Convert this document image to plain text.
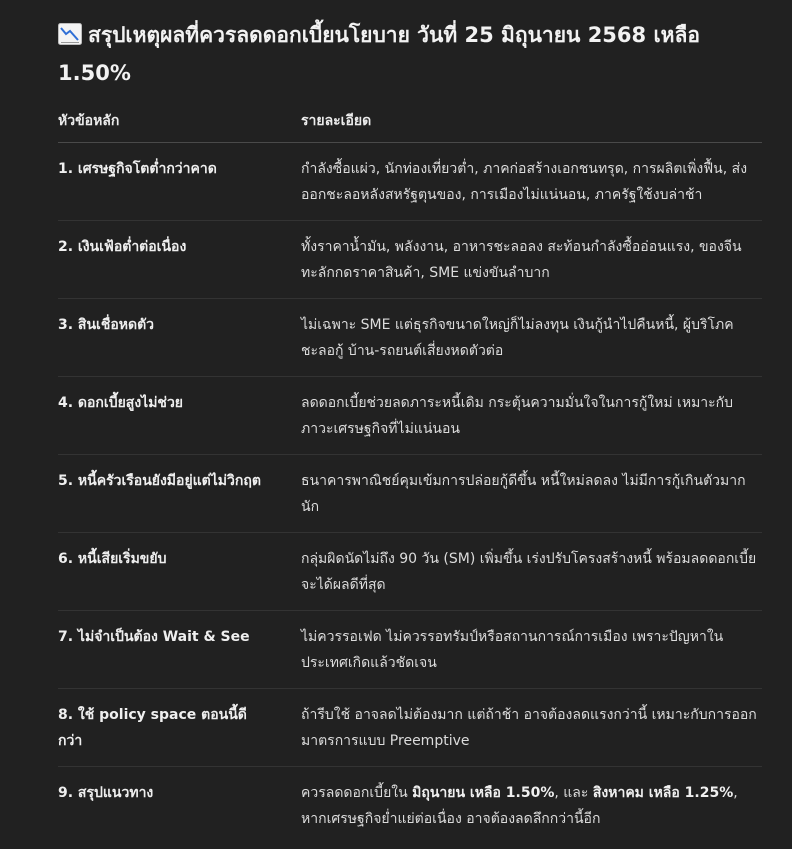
สรุปเหตุผลที่ควรลดดอกเบี้ยนโยบาย วันที่ 25 มิถุนายน 2568 เหลือ 1.50%
หัวข้อหลัก	รายละเอียด
1. เศรษฐกิจโตต่ำกว่าคาด	กำลังซื้อแผ่ว, นักท่องเที่ยวต่ำ, ภาคก่อสร้างเอกชนทรุด, การผลิตเพิ่งฟื้น, ส่งออกชะลอหลังสหรัฐตุนของ, การเมืองไม่แน่นอน, ภาครัฐใช้งบล่าช้า
2. เงินเฟ้อต่ำต่อเนื่อง	ทั้งราคาน้ำมัน, พลังงาน, อาหารชะลอลง สะท้อนกำลังซื้ออ่อนแรง, ของจีนทะลักกดราคาสินค้า, SME แข่งขันลำบาก
3. สินเชื่อหดตัว	ไม่เฉพาะ SME แต่ธุรกิจขนาดใหญ่ก็ไม่ลงทุน เงินกู้นำไปคืนหนี้, ผู้บริโภคชะลอกู้ บ้าน-รถยนต์เสี่ยงหดตัวต่อ
4. ดอกเบี้ยสูงไม่ช่วย	ลดดอกเบี้ยช่วยลดภาระหนี้เดิม กระตุ้นความมั่นใจในการกู้ใหม่ เหมาะกับภาวะเศรษฐกิจที่ไม่แน่นอน
5. หนี้ครัวเรือนยังมีอยู่แต่ไม่วิกฤต	ธนาคารพาณิชย์คุมเข้มการปล่อยกู้ดีขึ้น หนี้ใหม่ลดลง ไม่มีการกู้เกินตัวมากนัก
6. หนี้เสียเริ่มขยับ	กลุ่มผิดนัดไม่ถึง 90 วัน (SM) เพิ่มขึ้น เร่งปรับโครงสร้างหนี้ พร้อมลดดอกเบี้ยจะได้ผลดีที่สุด
7. ไม่จำเป็นต้อง Wait & See	ไม่ควรรอเฟด ไม่ควรรอทรัมป์หรือสถานการณ์การเมือง เพราะปัญหาในประเทศเกิดแล้วชัดเจน
8. ใช้ policy space ตอนนี้ดีกว่า	ถ้ารีบใช้ อาจลดไม่ต้องมาก แต่ถ้าช้า อาจต้องลดแรงกว่านี้ เหมาะกับการออกมาตรการแบบ Preemptive
9. สรุปแนวทาง	ควรลดดอกเบี้ยใน มิถุนายน เหลือ 1.50%, และ สิงหาคม เหลือ 1.25%, หากเศรษฐกิจย่ำแย่ต่อเนื่อง อาจต้องลดลึกกว่านี้อีก
